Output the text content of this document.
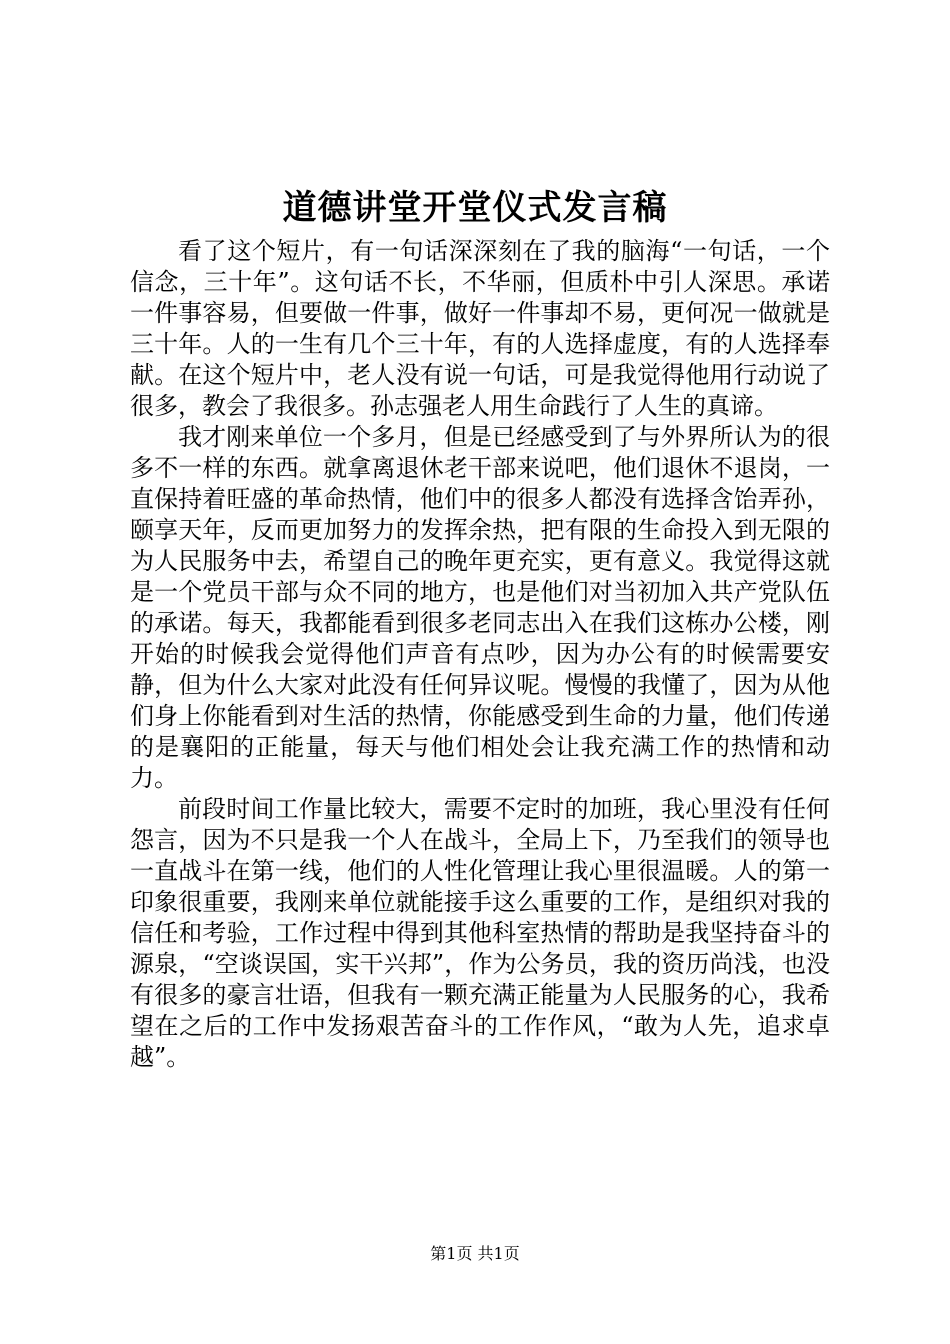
道德讲堂开堂仪式发言稿

看了这个短片，有一句话深深刻在了我的脑海“一句话，一个信念，三十年”。这句话不长，不华丽，但质朴中引人深思。承诺一件事容易，但要做一件事，做好一件事却不易，更何况一做就是三十年。人的一生有几个三十年，有的人选择虚度，有的人选择奉献。在这个短片中，老人没有说一句话，可是我觉得他用行动说了很多，教会了我很多。孙志强老人用生命践行了人生的真谛。

我才刚来单位一个多月，但是已经感受到了与外界所认为的很多不一样的东西。就拿离退休老干部来说吧，他们退休不退岗，一直保持着旺盛的革命热情，他们中的很多人都没有选择含饴弄孙，颐享天年，反而更加努力的发挥余热，把有限的生命投入到无限的为人民服务中去，希望自己的晚年更充实，更有意义。我觉得这就是一个党员干部与众不同的地方，也是他们对当初加入共产党队伍的承诺。每天，我都能看到很多老同志出入在我们这栋办公楼，刚开始的时候我会觉得他们声音有点吵，因为办公有的时候需要安静，但为什么大家对此没有任何异议呢。慢慢的我懂了，因为从他们身上你能看到对生活的热情，你能感受到生命的力量，他们传递的是襄阳的正能量，每天与他们相处会让我充满工作的热情和动力。

前段时间工作量比较大，需要不定时的加班，我心里没有任何怨言，因为不只是我一个人在战斗，全局上下，乃至我们的领导也一直战斗在第一线，他们的人性化管理让我心里很温暖。人的第一印象很重要，我刚来单位就能接手这么重要的工作，是组织对我的信任和考验，工作过程中得到其他科室热情的帮助是我坚持奋斗的源泉，“空谈误国，实干兴邦”，作为公务员，我的资历尚浅，也没有很多的豪言壮语，但我有一颗充满正能量为人民服务的心，我希望在之后的工作中发扬艰苦奋斗的工作作风，“敢为人先，追求卓越”。

第1页 共1页
